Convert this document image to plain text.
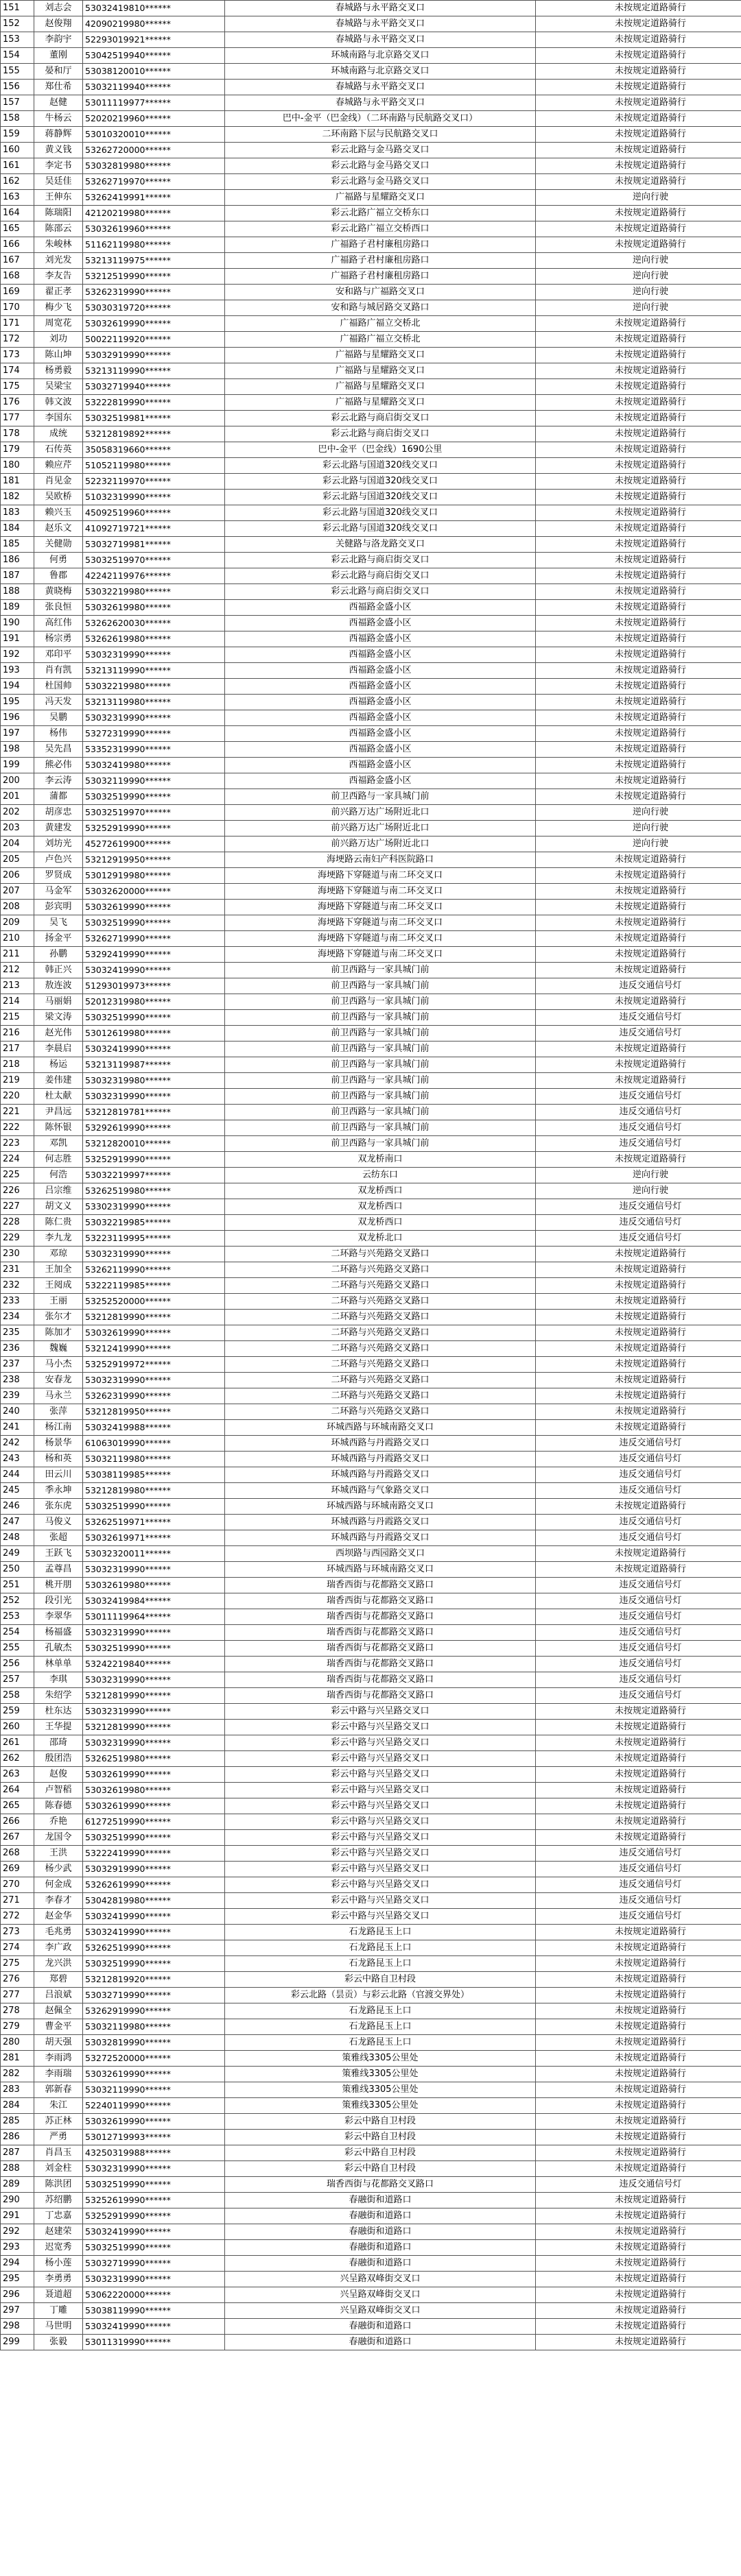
151	刘志会	53032419810******	春城路与永平路交叉口	未按规定道路骑行
152	赵俊翔	42090219980******	春城路与永平路交叉口	未按规定道路骑行
153	李韵宇	52293019921******	春城路与永平路交叉口	未按规定道路骑行
154	董刚	53042519940******	环城南路与北京路交叉口	未按规定道路骑行
155	晏和厅	53038120010******	环城南路与北京路交叉口	未按规定道路骑行
156	郑仕希	53032119940******	春城路与永平路交叉口	未按规定道路骑行
157	赵健	53011119977******	春城路与永平路交叉口	未按规定道路骑行
158	牛杨云	52020219960******	巴中-金平（巴金线）（二环南路与民航路交叉口）	未按规定道路骑行
159	蒋静辉	53010320010******	二环南路下层与民航路交叉口	未按规定道路骑行
160	黄义钱	53262720000******	彩云北路与金马路交叉口	未按规定道路骑行
161	李定书	53032819980******	彩云北路与金马路交叉口	未按规定道路骑行
162	吴廷佳	53262719970******	彩云北路与金马路交叉口	未按规定道路骑行
163	王伸东	53262419991******	广福路与星耀路交叉口	逆向行驶
164	陈瑞阳	42120219980******	彩云北路广福立交桥东口	未按规定道路骑行
165	陈邵云	53032619960******	彩云北路广福立交桥西口	未按规定道路骑行
166	朱峻林	51162119980******	广福路子君村廉租房路口	未按规定道路骑行
167	刘光发	53213119975******	广福路子君村廉租房路口	逆向行驶
168	李友告	53212519990******	广福路子君村廉租房路口	逆向行驶
169	翟正孝	53262319990******	安和路与广福路交叉口	逆向行驶
170	梅少飞	53030319720******	安和路与城居路交叉路口	逆向行驶
171	周宽花	53032619990******	广福路广福立交桥北	未按规定道路骑行
172	刘功	50022119920******	广福路广福立交桥北	未按规定道路骑行
173	陈山坤	53032919990******	广福路与星耀路交叉口	未按规定道路骑行
174	杨勇毅	53213119990******	广福路与星耀路交叉口	未按规定道路骑行
175	吴梁宝	53032719940******	广福路与星耀路交叉口	未按规定道路骑行
176	韩文波	53222819990******	广福路与星耀路交叉口	未按规定道路骑行
177	李国东	53032519981******	彩云北路与商启街交叉口	未按规定道路骑行
178	成统	53212819892******	彩云北路与商启街交叉口	未按规定道路骑行
179	石传英	35058319660******	巴中-金平（巴金线）1690公里	未按规定道路骑行
180	赖应芹	51052119980******	彩云北路与国道320线交叉口	未按规定道路骑行
181	肖见金	52232119970******	彩云北路与国道320线交叉口	未按规定道路骑行
182	吴欧桥	51032319990******	彩云北路与国道320线交叉口	未按规定道路骑行
183	赖兴玉	45092519960******	彩云北路与国道320线交叉口	未按规定道路骑行
184	赵乐文	41092719721******	彩云北路与国道320线交叉口	未按规定道路骑行
185	关健勋	53032719981******	关健路与洛龙路交叉口	未按规定道路骑行
186	何勇	53032519970******	彩云北路与商启街交叉口	未按规定道路骑行
187	鲁郡	42242119976******	彩云北路与商启街交叉口	未按规定道路骑行
188	黄晓梅	53032219980******	彩云北路与商启街交叉口	未按规定道路骑行
189	张良恒	53032619980******	西福路金盛小区	未按规定道路骑行
190	高红伟	53262620030******	西福路金盛小区	未按规定道路骑行
191	杨宗勇	53262619980******	西福路金盛小区	未按规定道路骑行
192	邓印平	53032319990******	西福路金盛小区	未按规定道路骑行
193	肖有凯	53213119990******	西福路金盛小区	未按规定道路骑行
194	杜国帅	53032219980******	西福路金盛小区	未按规定道路骑行
195	冯天发	53213119980******	西福路金盛小区	未按规定道路骑行
196	吴鹏	53032319990******	西福路金盛小区	未按规定道路骑行
197	杨伟	53272319990******	西福路金盛小区	未按规定道路骑行
198	吴先昌	53352319990******	西福路金盛小区	未按规定道路骑行
199	熊必伟	53032419980******	西福路金盛小区	未按规定道路骑行
200	李云涛	53032119990******	西福路金盛小区	未按规定道路骑行
201	蒲都	53032519990******	前卫西路与一家具城门前	未按规定道路骑行
202	胡彦忠	53032519970******	前兴路万达广场附近北口	逆向行驶
203	黄建发	53252919990******	前兴路万达广场附近北口	逆向行驶
204	刘坊光	45272619900******	前兴路万达广场附近北口	逆向行驶
205	卢色兴	53212919950******	海埂路云南妇产科医院路口	未按规定道路骑行
206	罗贤成	53012919980******	海埂路下穿隧道与南二环交叉口	未按规定道路骑行
207	马金军	53032620000******	海埂路下穿隧道与南二环交叉口	未按规定道路骑行
208	彭宾明	53032619990******	海埂路下穿隧道与南二环交叉口	未按规定道路骑行
209	吴飞	53032519990******	海埂路下穿隧道与南二环交叉口	未按规定道路骑行
210	扬金平	53262719990******	海埂路下穿隧道与南二环交叉口	未按规定道路骑行
211	孙鹏	53292419990******	海埂路下穿隧道与南二环交叉口	未按规定道路骑行
212	韩正兴	53032419990******	前卫西路与一家具城门前	未按规定道路骑行
213	敖连波	51293019973******	前卫西路与一家具城门前	违反交通信号灯
214	马丽娟	52012319980******	前卫西路与一家具城门前	未按规定道路骑行
215	梁文涛	53032519990******	前卫西路与一家具城门前	违反交通信号灯
216	赵光伟	53012619980******	前卫西路与一家具城门前	违反交通信号灯
217	李晨启	53032419990******	前卫西路与一家具城门前	未按规定道路骑行
218	杨运	53213119987******	前卫西路与一家具城门前	未按规定道路骑行
219	姜伟建	53032319980******	前卫西路与一家具城门前	未按规定道路骑行
220	杜太献	53032319990******	前卫西路与一家具城门前	违反交通信号灯
221	尹昌远	53212819781******	前卫西路与一家具城门前	违反交通信号灯
222	陈怀银	53292619990******	前卫西路与一家具城门前	违反交通信号灯
223	邓凯	53212820010******	前卫西路与一家具城门前	违反交通信号灯
224	何志胜	53252919990******	双龙桥南口	未按规定道路骑行
225	何浩	53032219997******	云纺东口	逆向行驶
226	吕宗维	53262519980******	双龙桥西口	逆向行驶
227	胡文义	53302319990******	双龙桥西口	违反交通信号灯
228	陈仁贵	53032219985******	双龙桥西口	违反交通信号灯
229	李九龙	53223119995******	双龙桥北口	违反交通信号灯
230	邓琼	53032319990******	二环路与兴苑路交叉路口	未按规定道路骑行
231	王加全	53262119990******	二环路与兴苑路交叉路口	未按规定道路骑行
232	王阅成	53222119985******	二环路与兴苑路交叉路口	未按规定道路骑行
233	王丽	53252520000******	二环路与兴苑路交叉路口	未按规定道路骑行
234	张尔才	53212819990******	二环路与兴苑路交叉路口	未按规定道路骑行
235	陈加才	53032619990******	二环路与兴苑路交叉路口	未按规定道路骑行
236	魏巍	53212419990******	二环路与兴苑路交叉路口	未按规定道路骑行
237	马小杰	53252919972******	二环路与兴苑路交叉路口	未按规定道路骑行
238	安春龙	53032319990******	二环路与兴苑路交叉路口	未按规定道路骑行
239	马永兰	53262319990******	二环路与兴苑路交叉路口	未按规定道路骑行
240	张萍	53212819950******	二环路与兴苑路交叉路口	未按规定道路骑行
241	杨江南	53032419988******	环城西路与环城南路交叉口	未按规定道路骑行
242	杨景华	61063019990******	环城西路与丹霞路交叉口	违反交通信号灯
243	杨和英	53032119980******	环城西路与丹霞路交叉口	违反交通信号灯
244	田云川	53038119985******	环城西路与丹霞路交叉口	违反交通信号灯
245	季永坤	53212819980******	环城西路与气象路交叉口	违反交通信号灯
246	张东虎	53032519990******	环城西路与环城南路交叉口	未按规定道路骑行
247	马俊义	53262519971******	环城西路与丹霞路交叉口	违反交通信号灯
248	张超	53032619971******	环城西路与丹霞路交叉口	违反交通信号灯
249	王跃飞	53032320011******	西坝路与西园路交叉口	未按规定道路骑行
250	孟尊昌	53032319990******	环城西路与环城南路交叉口	未按规定道路骑行
251	桃开朋	53032619980******	瑞香西街与花都路交叉路口	违反交通信号灯
252	段引光	53032419984******	瑞香西街与花都路交叉路口	违反交通信号灯
253	李翠华	53011119964******	瑞香西街与花都路交叉路口	违反交通信号灯
254	杨福盛	53032319990******	瑞香西街与花都路交叉路口	违反交通信号灯
255	孔敏杰	53032519990******	瑞香西街与花都路交叉路口	违反交通信号灯
256	林单单	53242219840******	瑞香西街与花都路交叉路口	违反交通信号灯
257	李琪	53032319990******	瑞香西街与花都路交叉路口	违反交通信号灯
258	朱绍学	53212819990******	瑞香西街与花都路交叉路口	违反交通信号灯
259	杜东达	53032319990******	彩云中路与兴呈路交叉口	未按规定道路骑行
260	王华提	53212819990******	彩云中路与兴呈路交叉口	未按规定道路骑行
261	邵琦	53032319990******	彩云中路与兴呈路交叉口	未按规定道路骑行
262	殷团浩	53262519980******	彩云中路与兴呈路交叉口	未按规定道路骑行
263	赵俊	53032619990******	彩云中路与兴呈路交叉口	未按规定道路骑行
264	卢智稻	53032619980******	彩云中路与兴呈路交叉口	未按规定道路骑行
265	陈春德	53032619990******	彩云中路与兴呈路交叉口	未按规定道路骑行
266	乔艳	61272519990******	彩云中路与兴呈路交叉口	未按规定道路骑行
267	龙国令	53032519990******	彩云中路与兴呈路交叉口	未按规定道路骑行
268	王洪	53222419990******	彩云中路与兴呈路交叉口	违反交通信号灯
269	杨少武	53032919990******	彩云中路与兴呈路交叉口	违反交通信号灯
270	何金成	53262619990******	彩云中路与兴呈路交叉口	违反交通信号灯
271	李春才	53042819980******	彩云中路与兴呈路交叉口	违反交通信号灯
272	赵金华	53032419990******	彩云中路与兴呈路交叉口	违反交通信号灯
273	毛兆勇	53032419990******	石龙路昆玉上口	未按规定道路骑行
274	李广政	53262519990******	石龙路昆玉上口	未按规定道路骑行
275	龙兴洪	53032519990******	石龙路昆玉上口	未按规定道路骑行
276	郑碧	53212819920******	彩云中路自卫村段	未按规定道路骑行
277	吕浪斌	53032719990******	彩云北路（昙贡）与彩云北路（官渡交界处）	未按规定道路骑行
278	赵佩全	53262919990******	石龙路昆玉上口	未按规定道路骑行
279	曹金平	53032119980******	石龙路昆玉上口	未按规定道路骑行
280	胡天强	53032819990******	石龙路昆玉上口	未按规定道路骑行
281	李雨鸿	53272520000******	策雅线3305公里处	未按规定道路骑行
282	李雨瑞	53032619990******	策雅线3305公里处	未按规定道路骑行
283	郭新春	53032119990******	策雅线3305公里处	未按规定道路骑行
284	朱江	52240119990******	策雅线3305公里处	未按规定道路骑行
285	苏正林	53032619990******	彩云中路自卫村段	未按规定道路骑行
286	严勇	53012719993******	彩云中路自卫村段	未按规定道路骑行
287	肖昌玉	43250319988******	彩云中路自卫村段	未按规定道路骑行
288	刘金柱	53032319990******	彩云中路自卫村段	未按规定道路骑行
289	陈洪团	53032519990******	瑞香西街与花都路交叉路口	违反交通信号灯
290	苏绍鹏	53252619990******	春融街和道路口	未按规定道路骑行
291	丁忠嘉	53252919990******	春融街和道路口	未按规定道路骑行
292	赵建荣	53032419990******	春融街和道路口	未按规定道路骑行
293	迟宽秀	53032519990******	春融街和道路口	未按规定道路骑行
294	杨小莲	53032719990******	春融街和道路口	未按规定道路骑行
295	李勇勇	53032319990******	兴呈路双峰街交叉口	未按规定道路骑行
296	聂道超	53062220000******	兴呈路双峰街交叉口	未按规定道路骑行
297	丁雕	53038119990******	兴呈路双峰街交叉口	未按规定道路骑行
298	马世明	53032419990******	春融街和道路口	未按规定道路骑行
299	张毅	53011319990******	春融街和道路口	未按规定道路骑行
